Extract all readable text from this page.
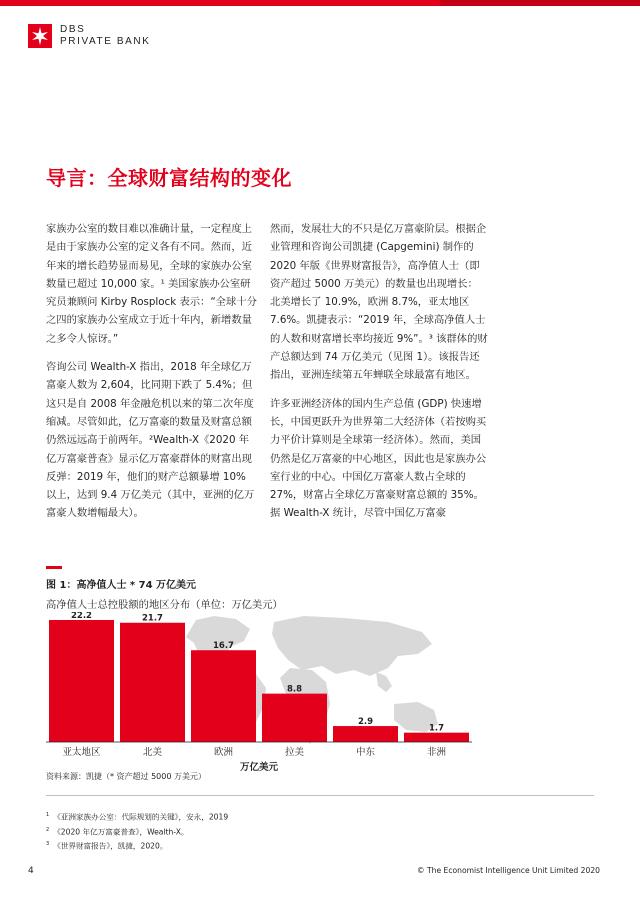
DBS
PRIVATE BANK
导言：全球财富结构的变化

家族办公室的数目难以准确计量，一定程度上是由于家族办公室的定义各有不同。然而，近年来的增长趋势显而易见，全球的家族办公室数量已超过 10,000 家。¹ 美国家族办公室研究员兼顾问 Kirby Rosplock 表示：“全球十分之四的家族办公室成立于近十年内，新增数量之多令人惊讶。”

咨询公司 Wealth-X 指出，2018 年全球亿万富豪人数为 2,604，比同期下跌了 5.4%；但这只是自 2008 年金融危机以来的第二次年度缩减。尽管如此，亿万富豪的数量及财富总额仍然远远高于前两年。²Wealth-X《2020 年亿万富豪普查》显示亿万富豪群体的财富出现反弹：2019 年，他们的财产总额暴增 10% 以上，达到 9.4 万亿美元（其中，亚洲的亿万富豪人数增幅最大）。

然而，发展壮大的不只是亿万富豪阶层。根据企业管理和咨询公司凯捷 (Capgemini) 制作的 2020 年版《世界财富报告》，高净值人士（即资产超过 5000 万美元）的数量也出现增长：北美增长了 10.9%，欧洲 8.7%，亚太地区 7.6%。凯捷表示：“2019 年，全球高净值人士的人数和财富增长率均接近 9%”。³ 该群体的财产总额达到 74 万亿美元（见图 1）。该报告还指出，亚洲连续第五年蝉联全球最富有地区。

许多亚洲经济体的国内生产总值 (GDP) 快速增长，中国更跃升为世界第二大经济体（若按购买力平价计算则是全球第一经济体）。然而，美国仍然是亿万富豪的中心地区，因此也是家族办公室行业的中心。中国亿万富豪人数占全球的 27%，财富占全球亿万富豪财富总额的 35%。据 Wealth-X 统计，尽管中国亿万富豪

图 1：高净值人士 * 74 万亿美元
高净值人士总控股额的地区分布（单位：万亿美元）
22.2	21.7
16.7
8.8
2.9
1.7
亚太地区	北美	欧洲	拉美	中东	非洲
万亿美元
资料来源：凯捷（* 资产超过 5000 万美元）
$^1$ 《亚洲家族办公室：代际规划的关键》，安永，2019
$^2$ 《2020 年亿万富豪普查》，Wealth-X。
$^3$ 《世界财富报告》，凯捷，2020。
4	© The Economist Intelligence Unit Limited 2020
